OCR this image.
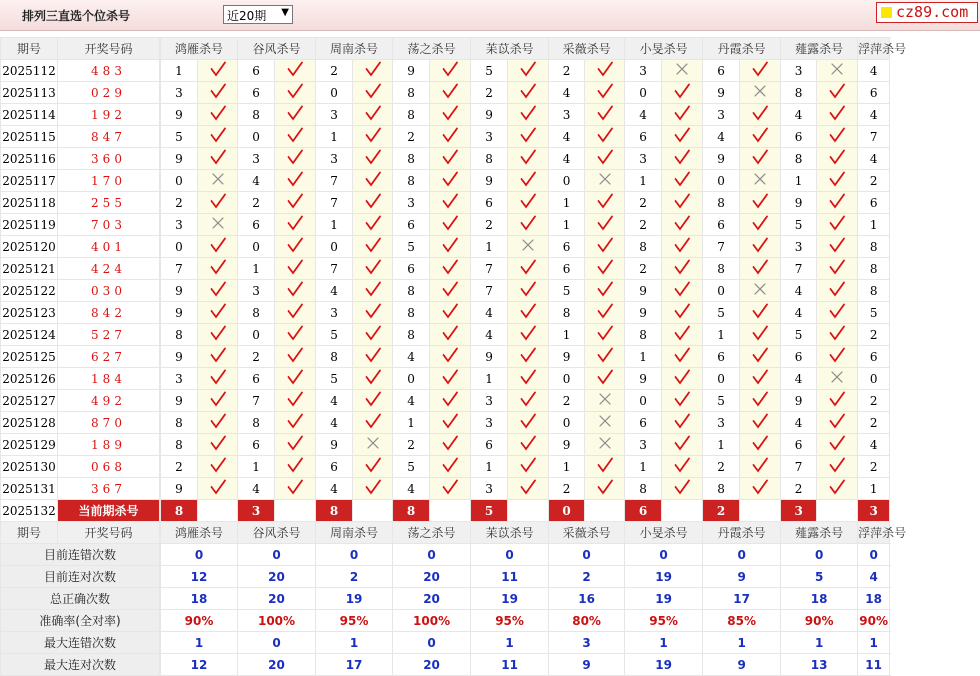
排列三直选个位杀号	近20期 ▼	cz89.com
期号	开奖号码		鸿雁杀号		谷风杀号		周南杀号		荡之杀号		苿苡杀号		采薇杀号		小旻杀号		丹霞杀号		薤露杀号		浮萍杀号	
2025112	483		1		6		2		9		5		2		3		6		3		4		
2025113	029		3		6		0		8		2		4		0		9		8		6		
2025114	192		9		8		3		8		9		3		4		3		4		4		
2025115	847		5		0		1		2		3		4		6		4		6		7		
2025116	360		9		3		3		8		8		4		3		9		8		4		
2025117	170		0		4		7		8		9		0		1		0		1		2		
2025118	255		2		2		7		3		6		1		2		8		9		6		
2025119	703		3		6		1		6		2		1		2		6		5		1		
2025120	401		0		0		0		5		1		6		8		7		3		8		
2025121	424		7		1		7		6		7		6		2		8		7		8		
2025122	030		9		3		4		8		7		5		9		0		4		8		
2025123	842		9		8		3		8		4		8		9		5		4		5		
2025124	527		8		0		5		8		4		1		8		1		5		2		
2025125	627		9		2		8		4		9		9		1		6		6		6		
2025126	184		3		6		5		0		1		0		9		0		4		0		
2025127	492		9		7		4		4		3		2		0		5		9		2		
2025128	870		8		8		4		1		3		0		6		3		4		2		
2025129	189		8		6		9		2		6		9		3		1		6		4		
2025130	068		2		1		6		5		1		1		1		2		7		2		
2025131	367		9		4		4		4		3		2		8		8		2		1		
2025132	当前期杀号		8		3		8		8		5		0		6		2		3		3		
期号	开奖号码		鸿雁杀号		谷风杀号		周南杀号		荡之杀号		苿苡杀号		采薇杀号		小旻杀号		丹霞杀号		薤露杀号		浮萍杀号	
目前连错次数		0		0		0		0		0		0		0		0		0		0	
目前连对次数		12		20		2		20		11		2		19		9		5		4	
总正确次数		18		20		19		20		19		16		19		17		18		18	
准确率(全对率)		90%		100%		95%		100%		95%		80%		95%		85%		90%		90%	
最大连错次数		1		0		1		0		1		3		1		1		1		1	
最大连对次数		12		20		17		20		11		9		19		9		13		11	
